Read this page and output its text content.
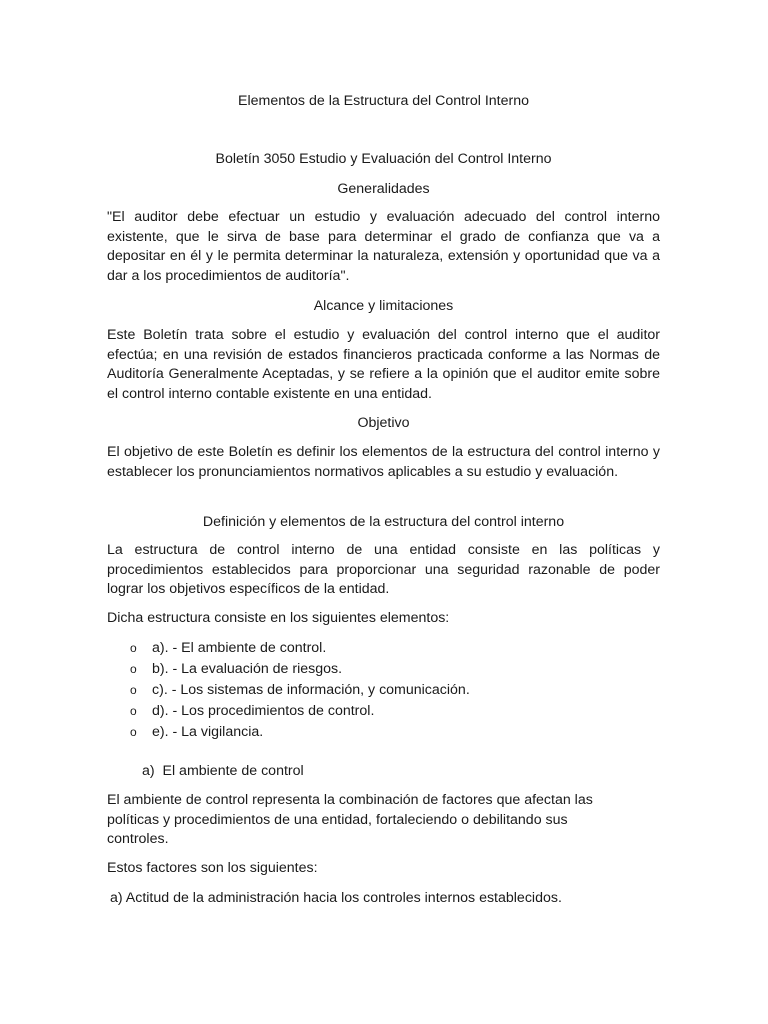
Elementos de la Estructura del Control Interno

Boletín 3050 Estudio y Evaluación del Control Interno

Generalidades

"El auditor debe efectuar un estudio y evaluación adecuado del control interno existente, que le sirva de base para determinar el grado de confianza que va a depositar en él y le permita determinar la naturaleza, extensión y oportunidad que va a dar a los procedimientos de auditoría".

Alcance y limitaciones

Este Boletín trata sobre el estudio y evaluación del control interno que el auditor efectúa; en una revisión de estados financieros practicada conforme a las Normas de Auditoría Generalmente Aceptadas, y se refiere a la opinión que el auditor emite sobre el control interno contable existente en una entidad.

Objetivo

El objetivo de este Boletín es definir los elementos de la estructura del control interno y establecer los pronunciamientos normativos aplicables a su estudio y evaluación.

Definición y elementos de la estructura del control interno

La estructura de control interno de una entidad consiste en las políticas y procedimientos establecidos para proporcionar una seguridad razonable de poder lograr los objetivos específicos de la entidad.

Dicha estructura consiste en los siguientes elementos:

o a). - El ambiente de control.
o b). - La evaluación de riesgos.
o c). - Los sistemas de información, y comunicación.
o d). - Los procedimientos de control.
o e). - La vigilancia.

a)  El ambiente de control

El ambiente de control representa la combinación de factores que afectan las políticas y procedimientos de una entidad, fortaleciendo o debilitando sus controles.

Estos factores son los siguientes:

a) Actitud de la administración hacia los controles internos establecidos.
